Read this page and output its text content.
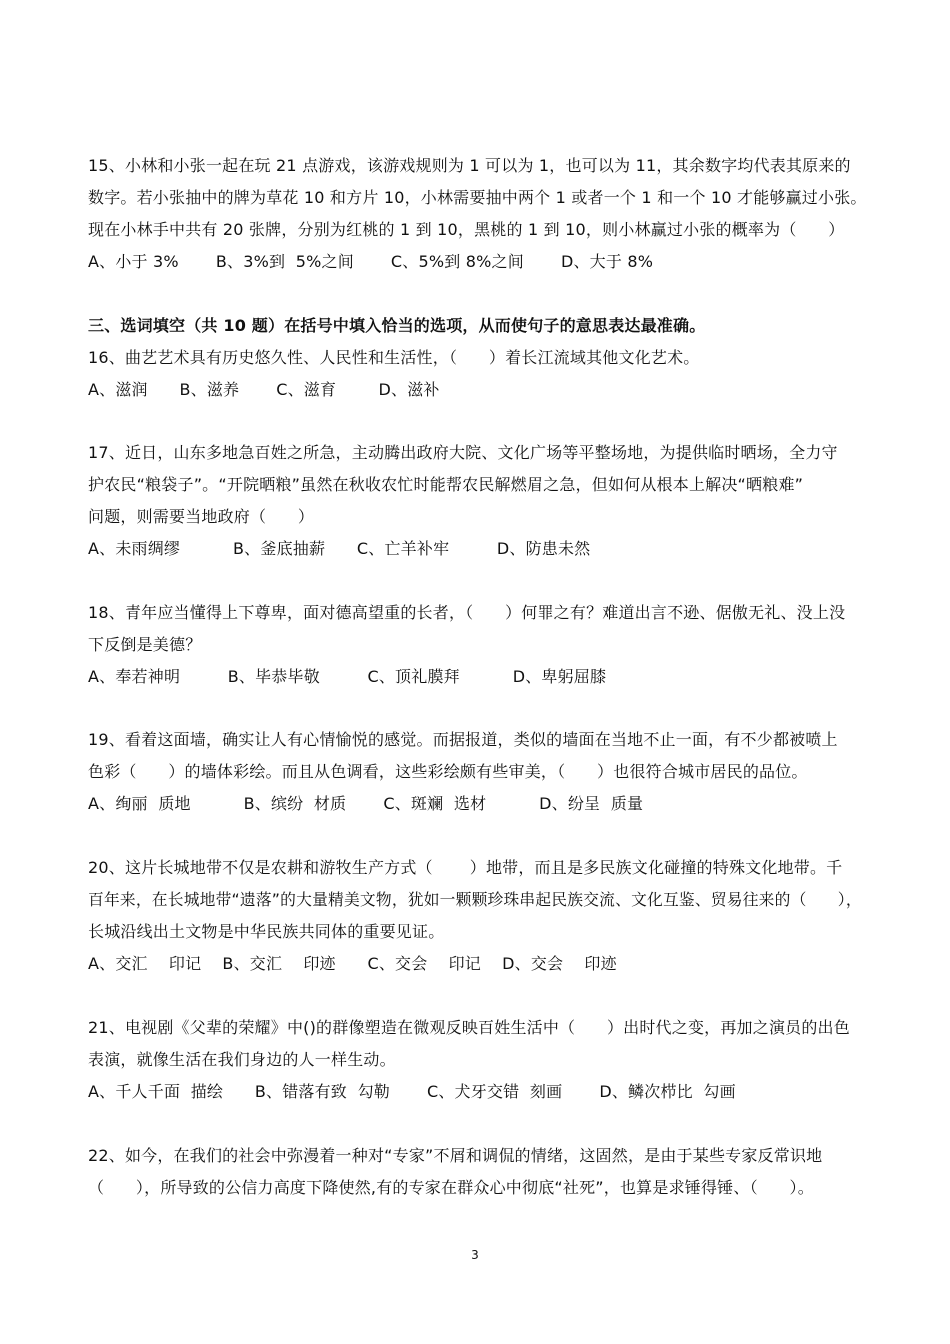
15、小林和小张一起在玩 21 点游戏，该游戏规则为 1 可以为 1，也可以为 11，其余数字均代表其原来的
数字。若小张抽中的牌为草花 10 和方片 10，小林需要抽中两个 1 或者一个 1 和一个 10 才能够赢过小张。
现在小林手中共有 20 张牌，分别为红桃的 1 到 10，黑桃的 1 到 10，则小林赢过小张的概率为（      ）
A、小于 3%       B、3%到  5%之间       C、5%到 8%之间       D、大于 8%
三、选词填空（共 10 题）在括号中填入恰当的选项，从而使句子的意思表达最准确。
16、曲艺艺术具有历史悠久性、人民性和生活性，（      ）着长江流域其他文化艺术。
A、滋润      B、滋养       C、滋育        D、滋补
17、近日，山东多地急百姓之所急，主动腾出政府大院、文化广场等平整场地，为提供临时晒场，全力守
护农民“粮袋子”。“开院晒粮”虽然在秋收农忙时能帮农民解燃眉之急，但如何从根本上解决“晒粮难”
问题，则需要当地政府（      ）
A、未雨绸缪          B、釜底抽薪      C、亡羊补牢         D、防患未然
18、青年应当懂得上下尊卑，面对德高望重的长者，（      ）何罪之有？难道出言不逊、倨傲无礼、没上没
下反倒是美德？
A、奉若神明         B、毕恭毕敬         C、顶礼膜拜          D、卑躬屈膝
19、看着这面墙，确实让人有心情愉悦的感觉。而据报道，类似的墙面在当地不止一面，有不少都被喷上
色彩（      ）的墙体彩绘。而且从色调看，这些彩绘颇有些审美，（      ）也很符合城市居民的品位。
A、绚丽  质地          B、缤纷  材质       C、斑斓  选材          D、纷呈  质量
20、这片长城地带不仅是农耕和游牧生产方式（       ）地带，而且是多民族文化碰撞的特殊文化地带。千
百年来，在长城地带“遗落”的大量精美文物，犹如一颗颗珍珠串起民族交流、文化互鉴、贸易往来的（      ），
长城沿线出土文物是中华民族共同体的重要见证。
A、交汇    印记    B、交汇    印迹      C、交会    印记    D、交会    印迹
21、电视剧《父辈的荣耀》中()的群像塑造在微观反映百姓生活中（      ）出时代之变，再加之演员的出色
表演，就像生活在我们身边的人一样生动。
A、千人千面  描绘      B、错落有致  勾勒       C、犬牙交错  刻画       D、鳞次栉比  勾画
22、如今，在我们的社会中弥漫着一种对“专家”不屑和调侃的情绪，这固然，是由于某些专家反常识地
（      ），所导致的公信力高度下降使然,有的专家在群众心中彻底“社死”，也算是求锤得锤、（      ）。
3
